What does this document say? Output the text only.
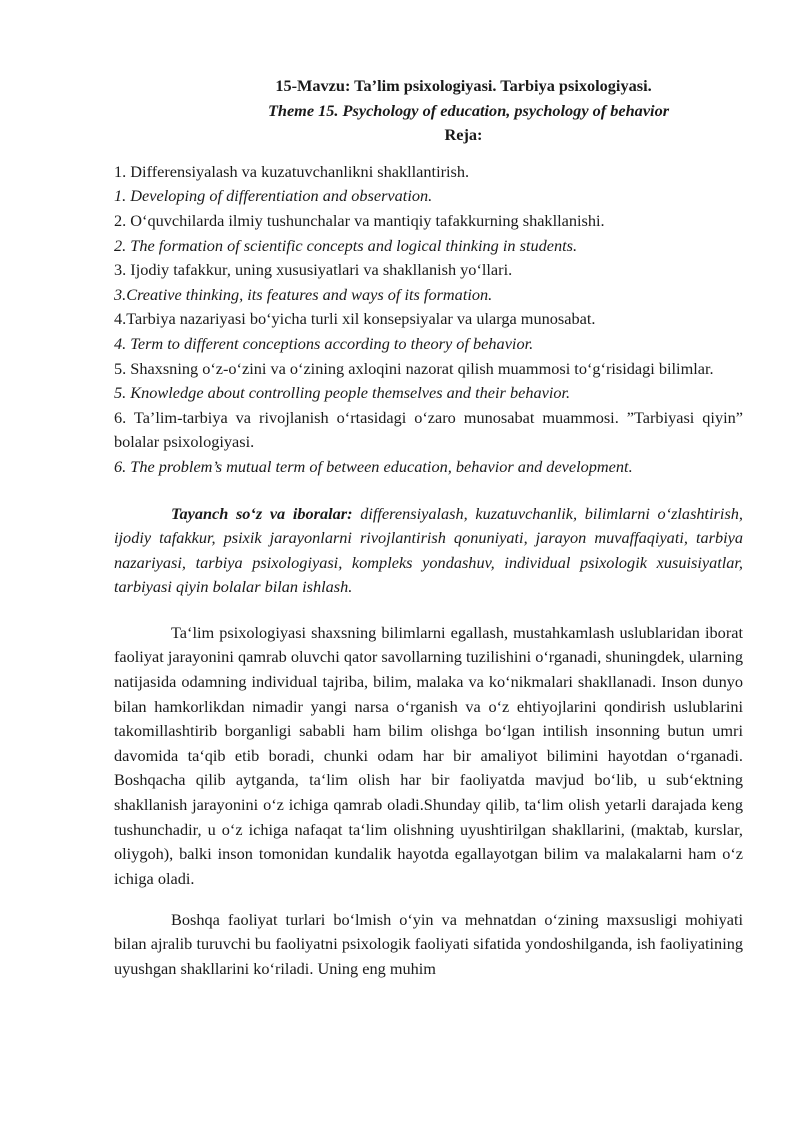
15-Mavzu: Ta’lim psixologiyasi. Tarbiya psixologiyasi.
Theme 15. Psychology of education, psychology of behavior
Reja:

1. Differensiyalash va kuzatuvchanlikni shakllantirish.

1. Developing of differentiation and observation.

2. O‘quvchilarda ilmiy tushunchalar va mantiqiy tafakkurning shakllanishi.

2. The formation of scientific concepts and logical thinking in students.

3. Ijodiy tafakkur, uning xususiyatlari va shakllanish yo‘llari.

3.Creative thinking, its features and ways of its formation.

4.Tarbiya nazariyasi bo‘yicha turli xil konsepsiyalar va ularga munosabat.

4. Term to different conceptions according to theory of behavior.

5. Shaxsning o‘z-o‘zini va o‘zining axloqini nazorat qilish muammosi to‘g‘risidagi bilimlar.

5. Knowledge about controlling people themselves and their behavior.

6. Ta’lim-tarbiya va rivojlanish o‘rtasidagi o‘zaro munosabat muammosi. ”Tarbiyasi qiyin” bolalar psixologiyasi.

6. The problem’s mutual term of between education, behavior and development.

Tayanch so‘z va iboralar: differensiyalash, kuzatuvchanlik, bilimlarni o‘zlashtirish, ijodiy tafakkur, psixik jarayonlarni rivojlantirish qonuniyati, jarayon muvaffaqiyati, tarbiya nazariyasi, tarbiya psixologiyasi, kompleks yondashuv, individual psixologik xusuisiyatlar, tarbiyasi qiyin bolalar bilan ishlash.

Ta‘lim psixologiyasi shaxsning bilimlarni egallash, mustahkamlash uslublaridan iborat faoliyat jarayonini qamrab oluvchi qator savollarning tuzilishini o‘rganadi, shuningdek, ularning natijasida odamning individual tajriba, bilim, malaka va ko‘nikmalari shakllanadi. Inson dunyo bilan hamkorlikdan nimadir yangi narsa o‘rganish va o‘z ehtiyojlarini qondirish uslublarini takomillashtirib borganligi sababli ham bilim olishga bo‘lgan intilish insonning butun umri davomida ta‘qib etib boradi, chunki odam har bir amaliyot bilimini hayotdan o‘rganadi. Boshqacha qilib aytganda, ta‘lim olish har bir faoliyatda mavjud bo‘lib, u sub‘ektning shakllanish jarayonini o‘z ichiga qamrab oladi.Shunday qilib, ta‘lim olish yetarli darajada keng tushunchadir, u o‘z ichiga nafaqat ta‘lim olishning uyushtirilgan shakllarini, (maktab, kurslar, oliygoh), balki inson tomonidan kundalik hayotda egallayotgan bilim va malakalarni ham o‘z ichiga oladi.

Boshqa faoliyat turlari bo‘lmish o‘yin va mehnatdan o‘zining maxsusligi mohiyati bilan ajralib turuvchi bu faoliyatni psixologik faoliyati sifatida yondoshilganda, ish faoliyatining uyushgan shakllarini ko‘riladi. Uning eng muhim
